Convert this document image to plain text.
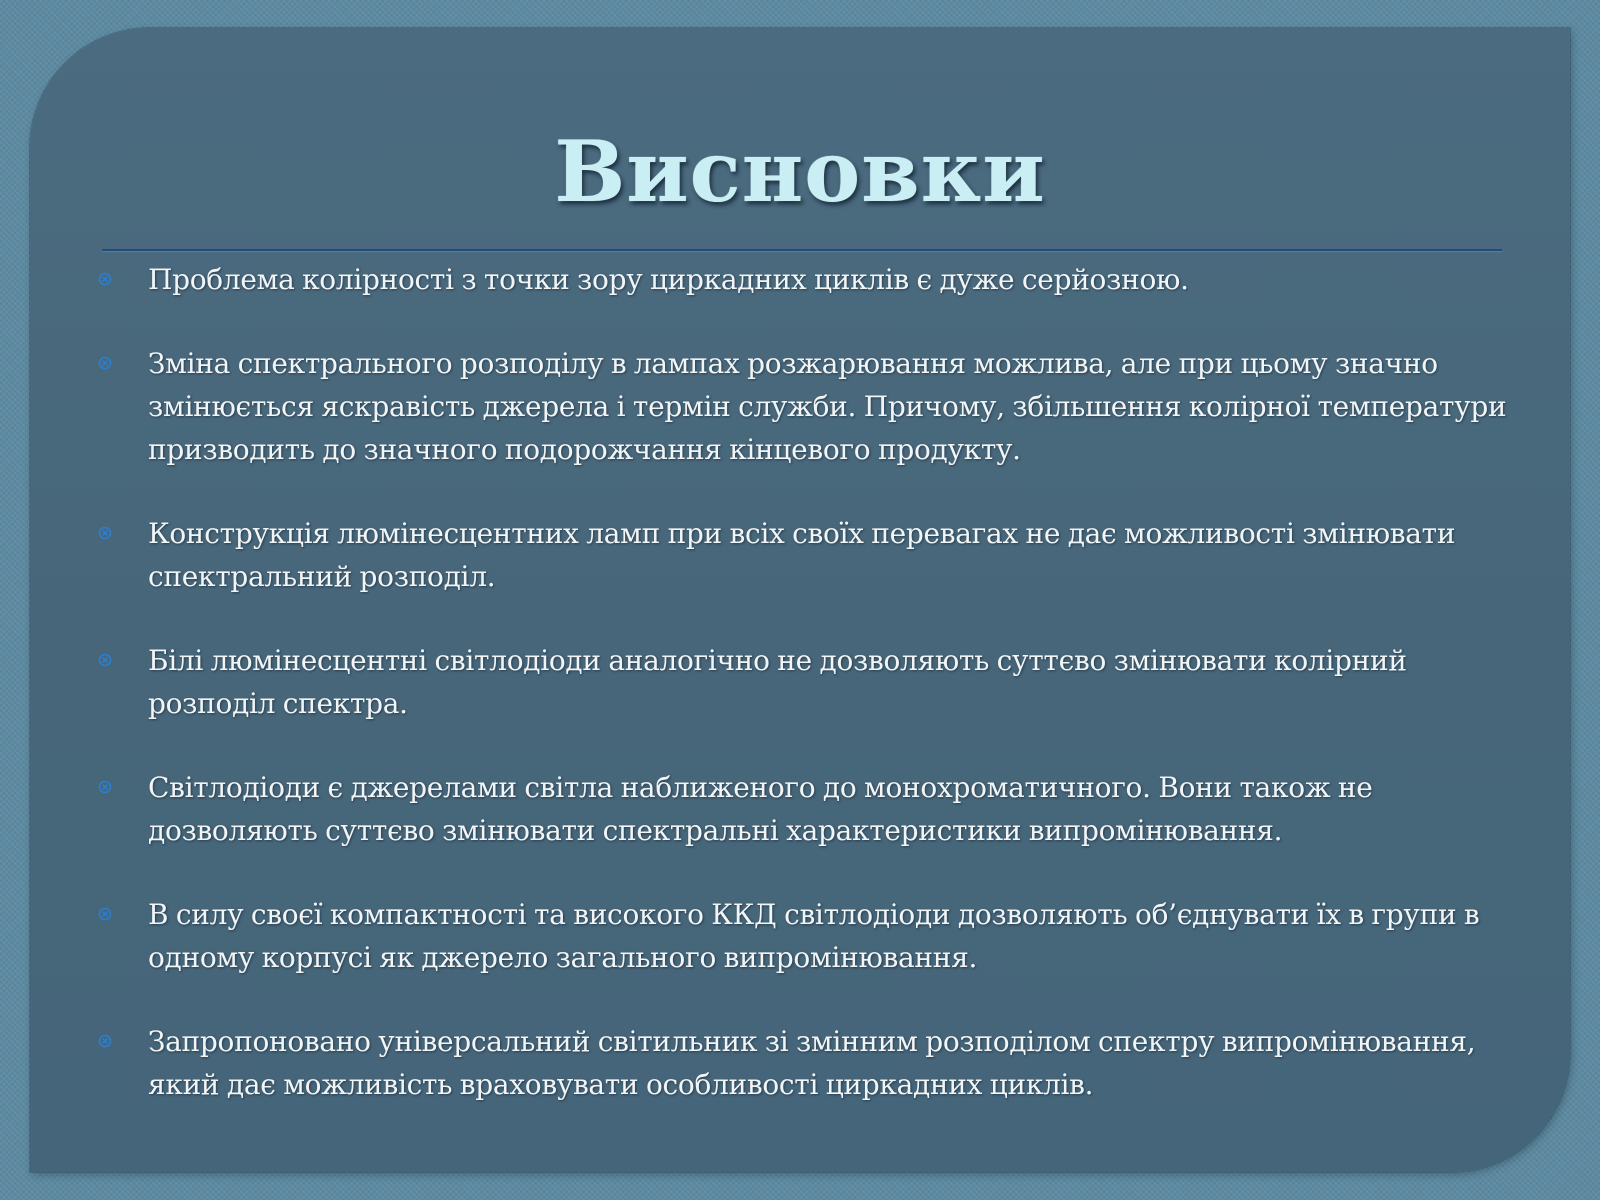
Висновки
Проблема колірності з точки зору циркадних циклів є дуже серйозною.
Зміна спектрального розподілу в лампах розжарювання можлива, але при цьому значно змінюється яскравість джерела і термін служби. Причому, збільшення колірної температури призводить до значного подорожчання кінцевого продукту.
Конструкція люмінесцентних ламп при всіх своїх перевагах не дає можливості змінювати спектральний розподіл.
Білі люмінесцентні світлодіоди аналогічно не дозволяють суттєво змінювати колірний розподіл спектра.
Світлодіоди є джерелами світла наближеного до монохроматичного. Вони також не дозволяють суттєво змінювати спектральні характеристики випромінювання.
В силу своєї компактності та високого ККД світлодіоди дозволяють об’єднувати їх в групи в одному корпусі як джерело загального випромінювання.
Запропоновано універсальний світильник зі змінним розподілом спектру випромінювання, який дає можливість враховувати особливості циркадних циклів.
